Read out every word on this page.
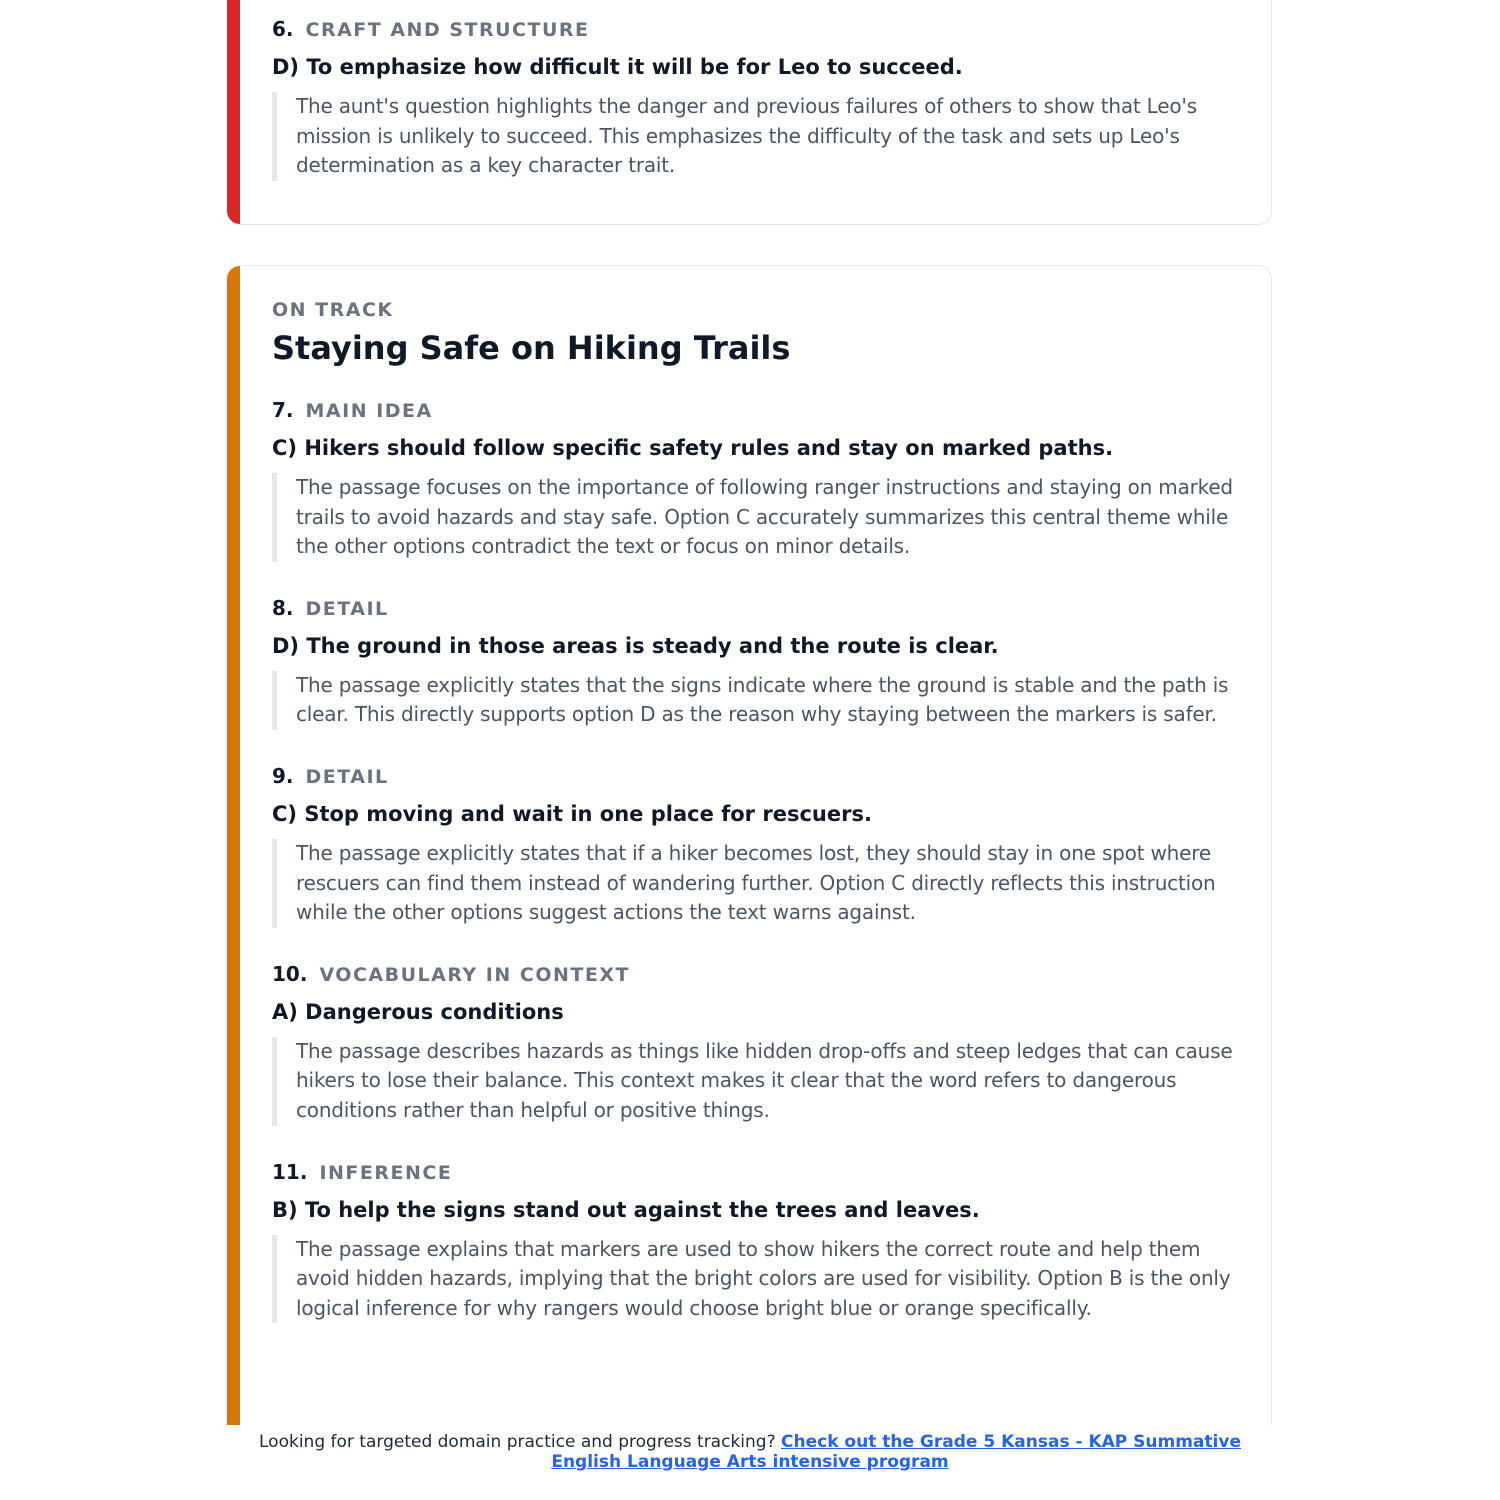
6. CRAFT AND STRUCTURE
D) To emphasize how difficult it will be for Leo to succeed.
The aunt's question highlights the danger and previous failures of others to show that Leo's mission is unlikely to succeed. This emphasizes the difficulty of the task and sets up Leo's determination as a key character trait.
ON TRACK
Staying Safe on Hiking Trails
7. MAIN IDEA
C) Hikers should follow specific safety rules and stay on marked paths.
The passage focuses on the importance of following ranger instructions and staying on marked trails to avoid hazards and stay safe. Option C accurately summarizes this central theme while the other options contradict the text or focus on minor details.
8. DETAIL
D) The ground in those areas is steady and the route is clear.
The passage explicitly states that the signs indicate where the ground is stable and the path is clear. This directly supports option D as the reason why staying between the markers is safer.
9. DETAIL
C) Stop moving and wait in one place for rescuers.
The passage explicitly states that if a hiker becomes lost, they should stay in one spot where rescuers can find them instead of wandering further. Option C directly reflects this instruction while the other options suggest actions the text warns against.
10. VOCABULARY IN CONTEXT
A) Dangerous conditions
The passage describes hazards as things like hidden drop-offs and steep ledges that can cause hikers to lose their balance. This context makes it clear that the word refers to dangerous conditions rather than helpful or positive things.
11. INFERENCE
B) To help the signs stand out against the trees and leaves.
The passage explains that markers are used to show hikers the correct route and help them avoid hidden hazards, implying that the bright colors are used for visibility. Option B is the only logical inference for why rangers would choose bright blue or orange specifically.
Looking for targeted domain practice and progress tracking? Check out the Grade 5 Kansas - KAP Summative English Language Arts intensive program
